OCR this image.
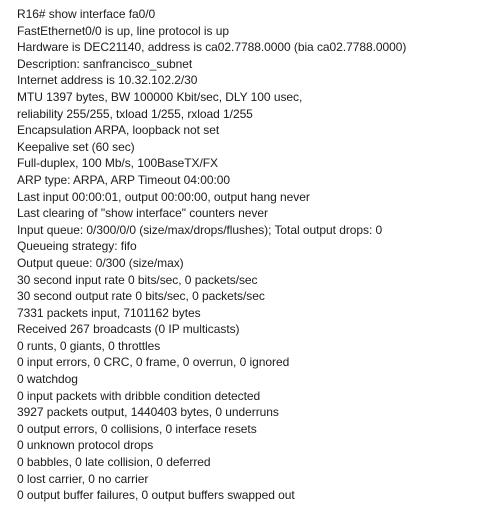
R16# show interface fa0/0
FastEthernet0/0 is up, line protocol is up
Hardware is DEC21140, address is ca02.7788.0000 (bia ca02.7788.0000)
Description: sanfrancisco_subnet
Internet address is 10.32.102.2/30
MTU 1397 bytes, BW 100000 Kbit/sec, DLY 100 usec,
reliability 255/255, txload 1/255, rxload 1/255
Encapsulation ARPA, loopback not set
Keepalive set (60 sec)
Full-duplex, 100 Mb/s, 100BaseTX/FX
ARP type: ARPA, ARP Timeout 04:00:00
Last input 00:00:01, output 00:00:00, output hang never
Last clearing of "show interface" counters never
Input queue: 0/300/0/0 (size/max/drops/flushes); Total output drops: 0
Queueing strategy: fifo
Output queue: 0/300 (size/max)
30 second input rate 0 bits/sec, 0 packets/sec
30 second output rate 0 bits/sec, 0 packets/sec
7331 packets input, 7101162 bytes
Received 267 broadcasts (0 IP multicasts)
0 runts, 0 giants, 0 throttles
0 input errors, 0 CRC, 0 frame, 0 overrun, 0 ignored
0 watchdog
0 input packets with dribble condition detected
3927 packets output, 1440403 bytes, 0 underruns
0 output errors, 0 collisions, 0 interface resets
0 unknown protocol drops
0 babbles, 0 late collision, 0 deferred
0 lost carrier, 0 no carrier
0 output buffer failures, 0 output buffers swapped out
